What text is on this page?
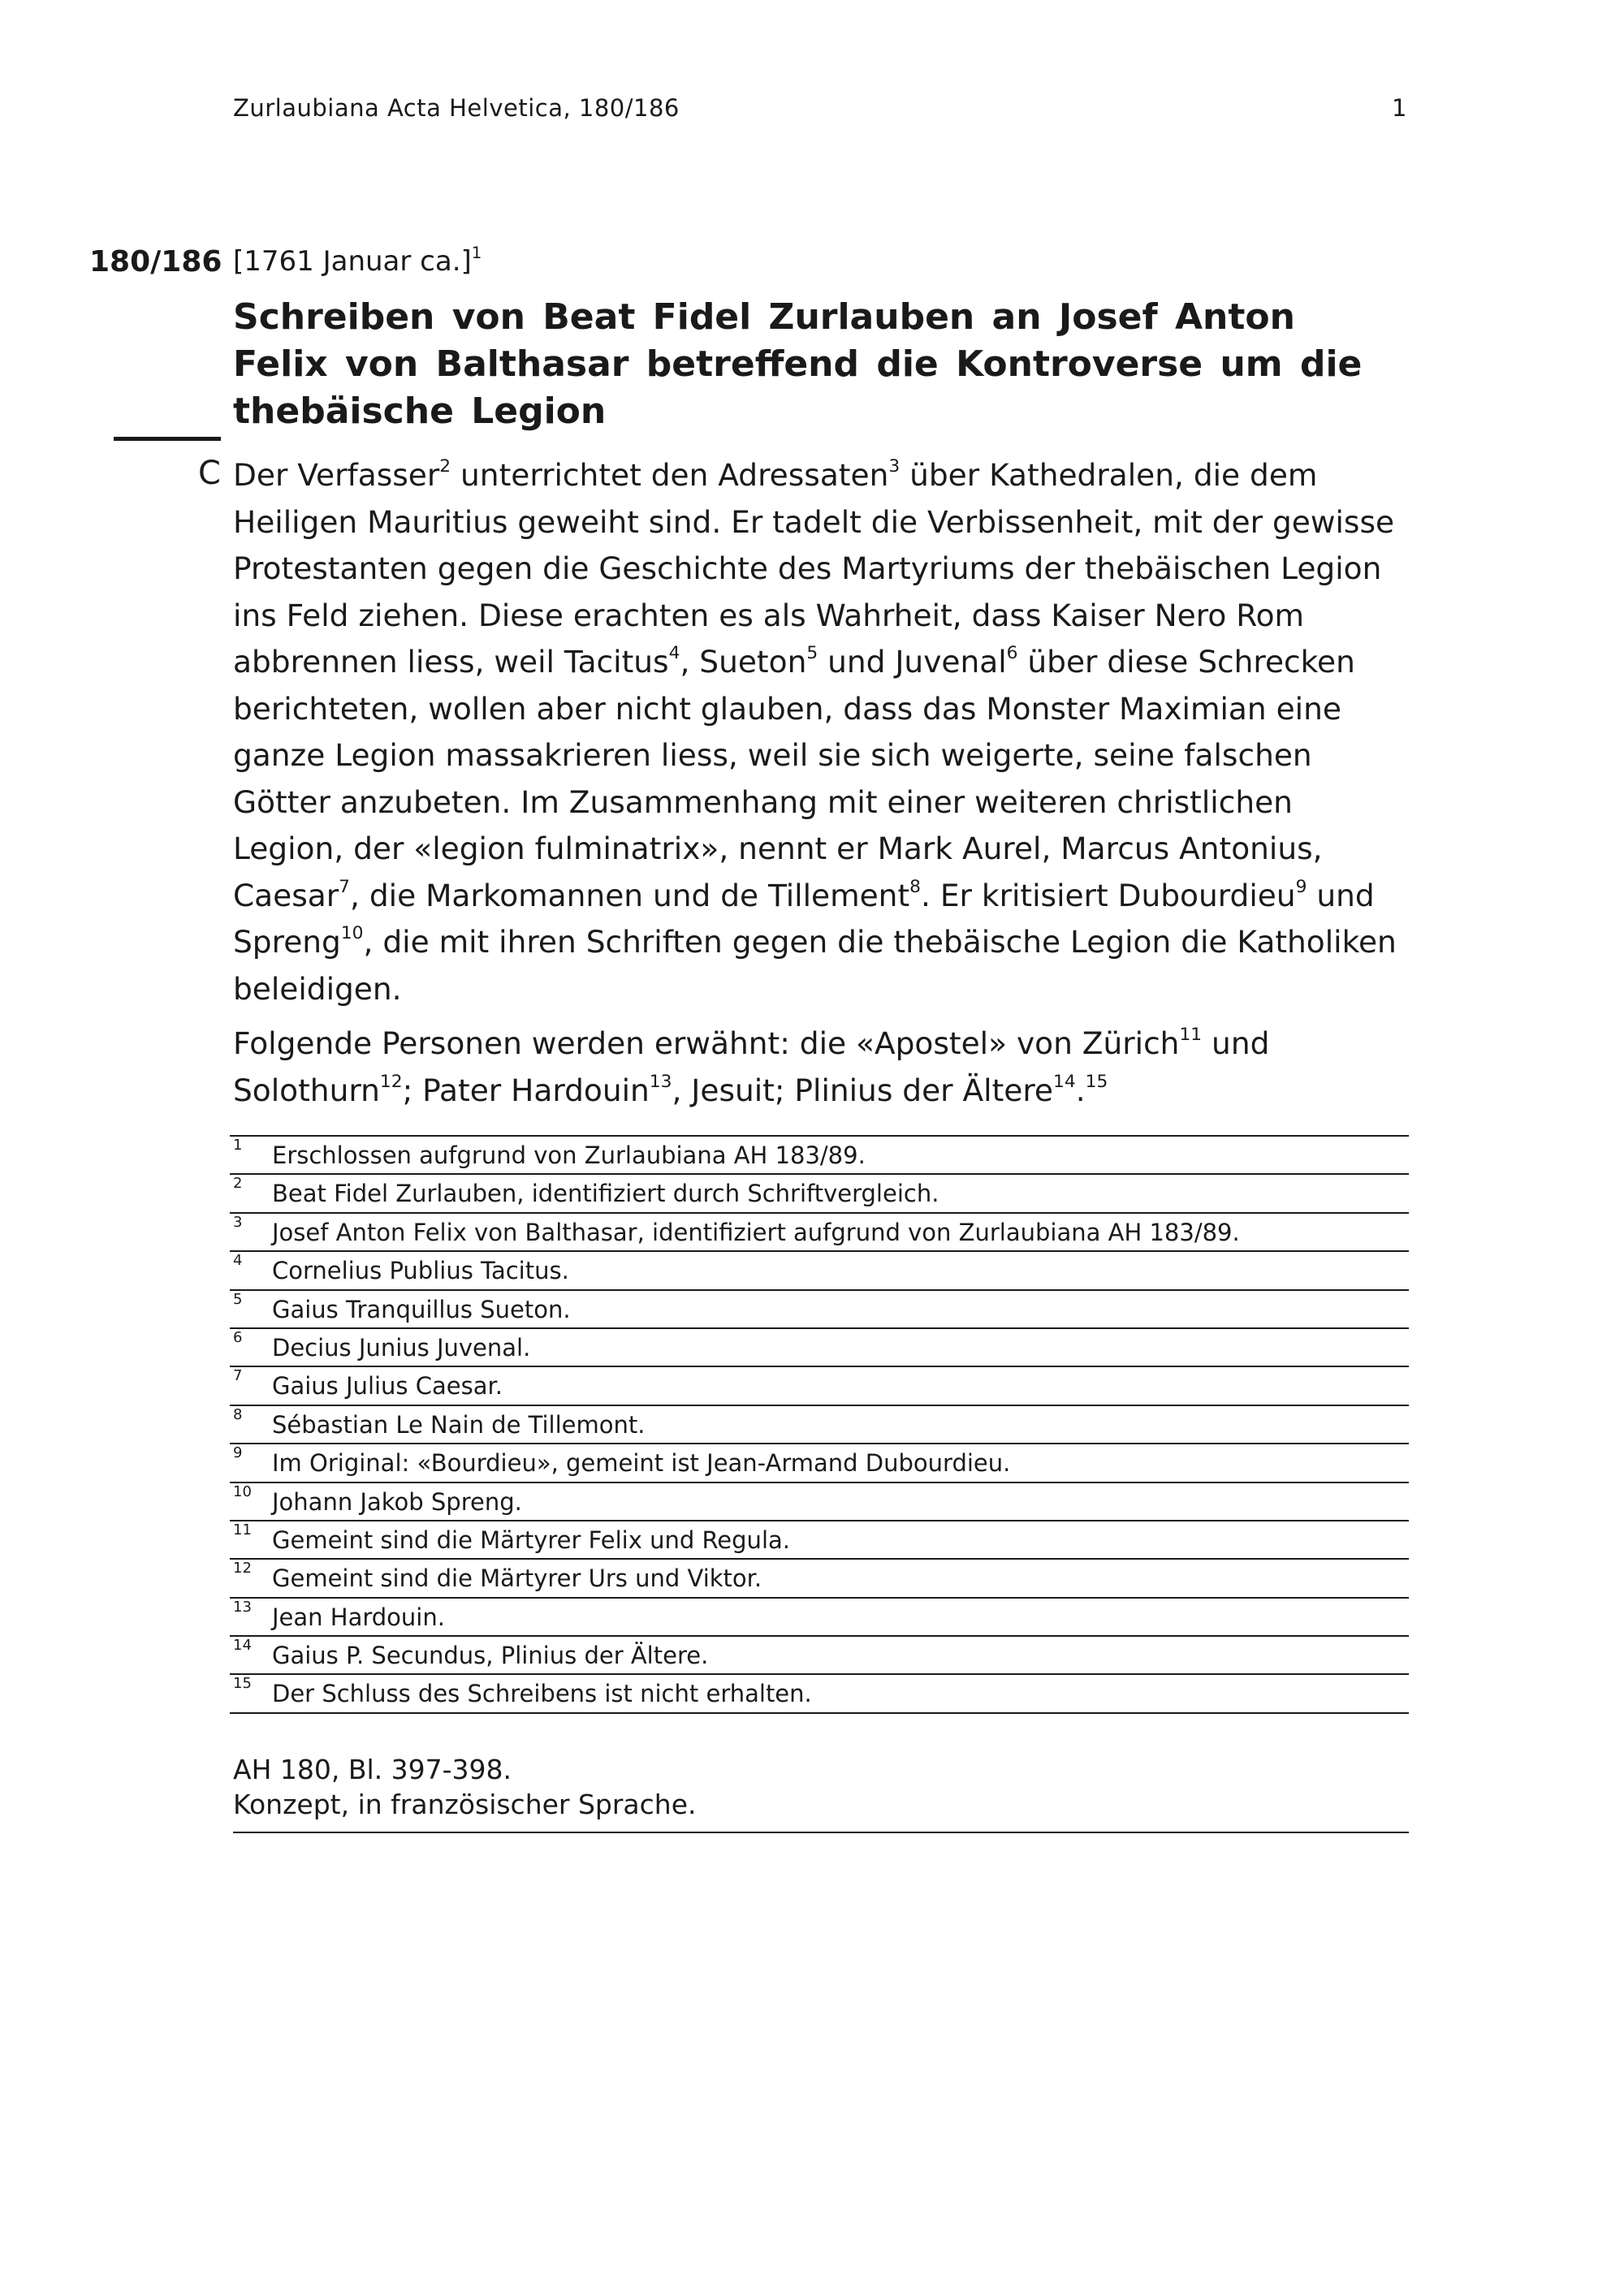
Zurlaubiana Acta Helvetica, 180/186	1
180/186 [1761 Januar ca.]$^1$
Schreiben von Beat Fidel Zurlauben an Josef Anton Felix von Balthasar betreffend die Kontroverse um die thebäische Legion
C Der Verfasser$^2$ unterrichtet den Adressaten$^3$ über Kathedralen, die dem Heiligen Mauritius geweiht sind. Er tadelt die Verbissenheit, mit der gewisse Protestanten gegen die Geschichte des Martyriums der thebäischen Legion ins Feld ziehen. Diese erachten es als Wahrheit, dass Kaiser Nero Rom abbrennen liess, weil Tacitus$^4$, Sueton$^5$ und Juvenal$^6$ über diese Schrecken berichteten, wollen aber nicht glauben, dass das Monster Maximian eine ganze Legion massakrieren liess, weil sie sich weigerte, seine falschen Götter anzubeten. Im Zusammenhang mit einer weiteren christlichen Legion, der «legion fulminatrix», nennt er Mark Aurel, Marcus Antonius, Caesar$^7$, die Markomannen und de Tillement$^8$. Er kritisiert Dubourdieu$^9$ und Spreng$^{10}$, die mit ihren Schriften gegen die thebäische Legion die Katholiken beleidigen.

Folgende Personen werden erwähnt: die «Apostel» von Zürich$^{11}$ und Solothurn$^{12}$; Pater Hardouin$^{13}$, Jesuit; Plinius der Ältere$^{14}$.$^{15}$

1 Erschlossen aufgrund von Zurlaubiana AH 183/89.
2 Beat Fidel Zurlauben, identifiziert durch Schriftvergleich.
3 Josef Anton Felix von Balthasar, identifiziert aufgrund von Zurlaubiana AH 183/89.
4 Cornelius Publius Tacitus.
5 Gaius Tranquillus Sueton.
6 Decius Junius Juvenal.
7 Gaius Julius Caesar.
8 Sébastian Le Nain de Tillemont.
9 Im Original: «Bourdieu», gemeint ist Jean-Armand Dubourdieu.
10 Johann Jakob Spreng.
11 Gemeint sind die Märtyrer Felix und Regula.
12 Gemeint sind die Märtyrer Urs und Viktor.
13 Jean Hardouin.
14 Gaius P. Secundus, Plinius der Ältere.
15 Der Schluss des Schreibens ist nicht erhalten.
AH 180, Bl. 397-398.
Konzept, in französischer Sprache.
